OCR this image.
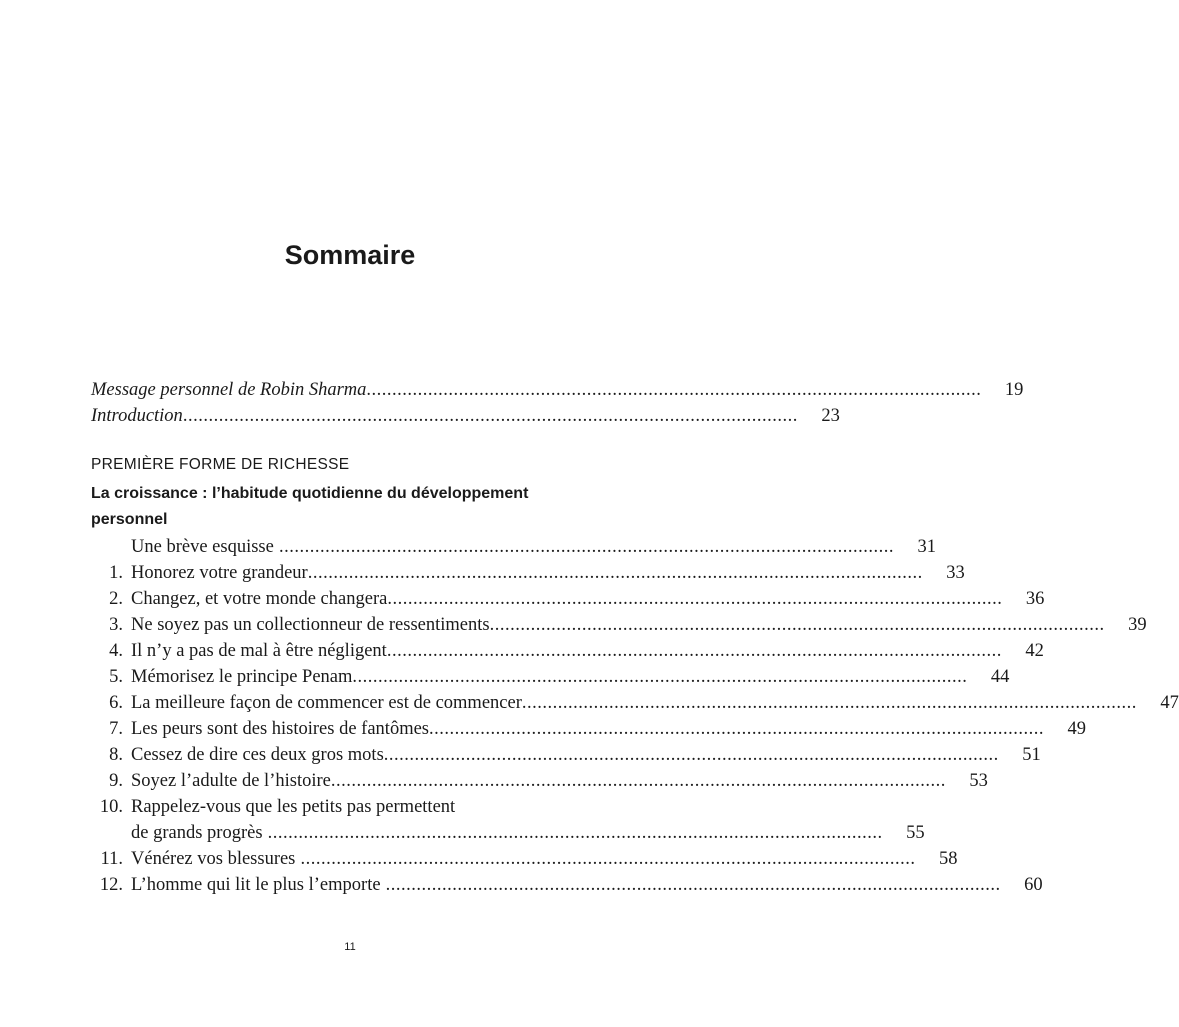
Sommaire
Message personnel de Robin Sharma ........................................................................................................................	19
Introduction ........................................................................................................................	23
PREMIÈRE FORME DE RICHESSE
La croissance : l’habitude quotidienne du développement
personnel
Une brève esquisse ........................................................................................................................	31
1. Honorez votre grandeur ........................................................................................................................	33
2. Changez, et votre monde changera ........................................................................................................................	36
3. Ne soyez pas un collectionneur de ressentiments ........................................................................................................................	39
4. Il n’y a pas de mal à être négligent ........................................................................................................................	42
5. Mémorisez le principe Penam ........................................................................................................................	44
6. La meilleure façon de commencer est de commencer ........................................................................................................................	47
7. Les peurs sont des histoires de fantômes ........................................................................................................................	49
8. Cessez de dire ces deux gros mots ........................................................................................................................	51
9. Soyez l’adulte de l’histoire ........................................................................................................................	53
10. Rappelez-vous que les petits pas permettent
de grands progrès ........................................................................................................................	55
11. Vénérez vos blessures ........................................................................................................................	58
12. L’homme qui lit le plus l’emporte ........................................................................................................................	60
11
